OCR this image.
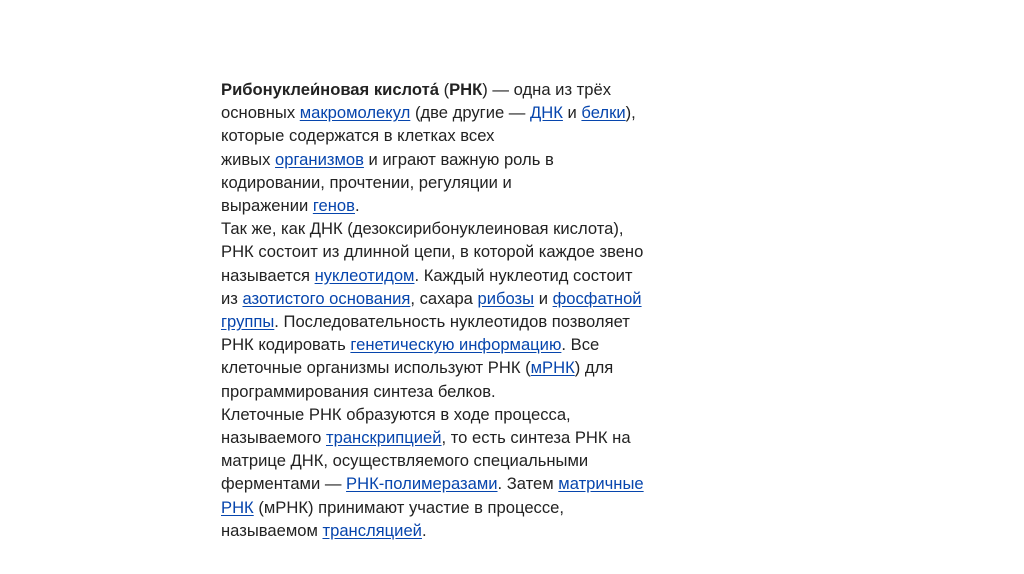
Рибонуклеи́новая кислота́ (РНК) — одна из трёх
основных макромолекул (две другие — ДНК и белки),
которые содержатся в клетках всех
живых организмов и играют важную роль в
кодировании, прочтении, регуляции и
выражении генов.
Так же, как ДНК (дезоксирибонуклеиновая кислота),
РНК состоит из длинной цепи, в которой каждое звено
называется нуклеотидом. Каждый нуклеотид состоит
из азотистого основания, сахара рибозы и фосфатной
группы. Последовательность нуклеотидов позволяет
РНК кодировать генетическую информацию. Все
клеточные организмы используют РНК (мРНК) для
программирования синтеза белков.
Клеточные РНК образуются в ходе процесса,
называемого транскрипцией, то есть синтеза РНК на
матрице ДНК, осуществляемого специальными
ферментами — РНК-полимеразами. Затем матричные
РНК (мРНК) принимают участие в процессе,
называемом трансляцией.
